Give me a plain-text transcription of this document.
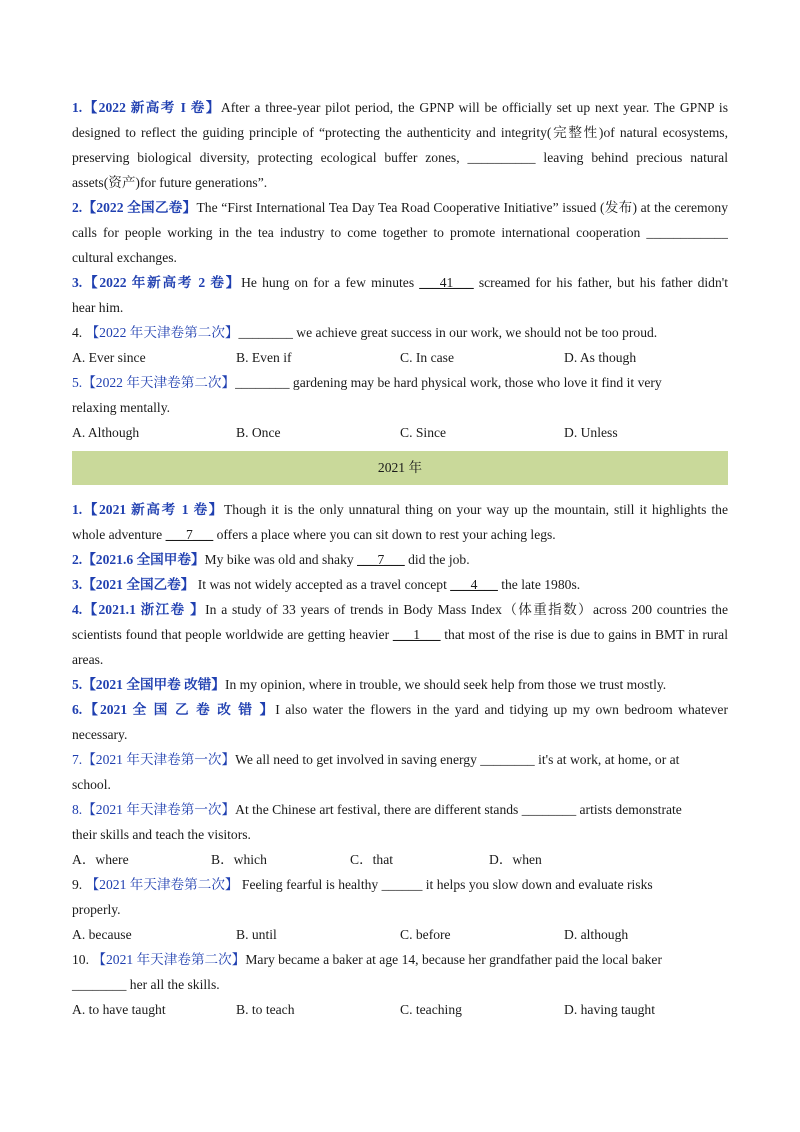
1.【2022 新高考 I 卷】After a three-year pilot period, the GPNP will be officially set up next year. The GPNP is
designed to reflect the guiding principle of “protecting the authenticity and integrity(完整性)of natural ecosystems,
preserving biological diversity, protecting ecological buffer zones, __________ leaving behind precious natural
assets(资产)for future generations”.
2.【2022 全国乙卷】The “First International Tea Day Tea Road Cooperative Initiative” issued (发布) at the ceremony
calls for people working in the tea industry to come together to promote international cooperation ____________
cultural exchanges.
3.【2022 年新高考 2 卷】He hung on for a few minutes ___41___ screamed for his father, but his father didn't
hear him.
4. 【2022 年天津卷第二次】________ we achieve great success in our work, we should not be too proud.
A. Ever since	B. Even if	C. In case	D. As though
5.【2022 年天津卷第二次】________ gardening may be hard physical work, those who love it find it very
relaxing mentally.
A. Although	B. Once	C. Since	D. Unless
2021 年
1.【2021 新高考 1 卷】Though it is the only unnatural thing on your way up the mountain, still it highlights the
whole adventure ___7___ offers a place where you can sit down to rest your aching legs.
2.【2021.6 全国甲卷】My bike was old and shaky ___7___ did the job.
3.【2021 全国乙卷】 It was not widely accepted as a travel concept ___4___ the late 1980s.
4.【2021.1 浙江卷 】In a study of 33 years of trends in Body Mass Index（体重指数）across 200 countries the
scientists found that people worldwide are getting heavier ___1___ that most of the rise is due to gains in BMT in rural
areas.
5.【2021 全国甲卷 改错】In my opinion, where in trouble, we should seek help from those we trust mostly.
6.【2021 全 国 乙 卷 改 错 】I also water the flowers in the yard and tidying up my own bedroom whatever
necessary.
7.【2021 年天津卷第一次】We all need to get involved in saving energy ________ it's at work, at home, or at
school.
8.【2021 年天津卷第一次】At the Chinese art festival, there are different stands ________ artists demonstrate
their skills and teach the visitors.
A．where	B．which	C．that	D．when
9. 【2021 年天津卷第二次】 Feeling fearful is healthy ______ it helps you slow down and evaluate risks
properly.
A. because	B. until	C. before	D. although
10. 【2021 年天津卷第二次】Mary became a baker at age 14, because her grandfather paid the local baker
________ her all the skills.
A. to have taught	B. to teach	C. teaching	D. having taught
